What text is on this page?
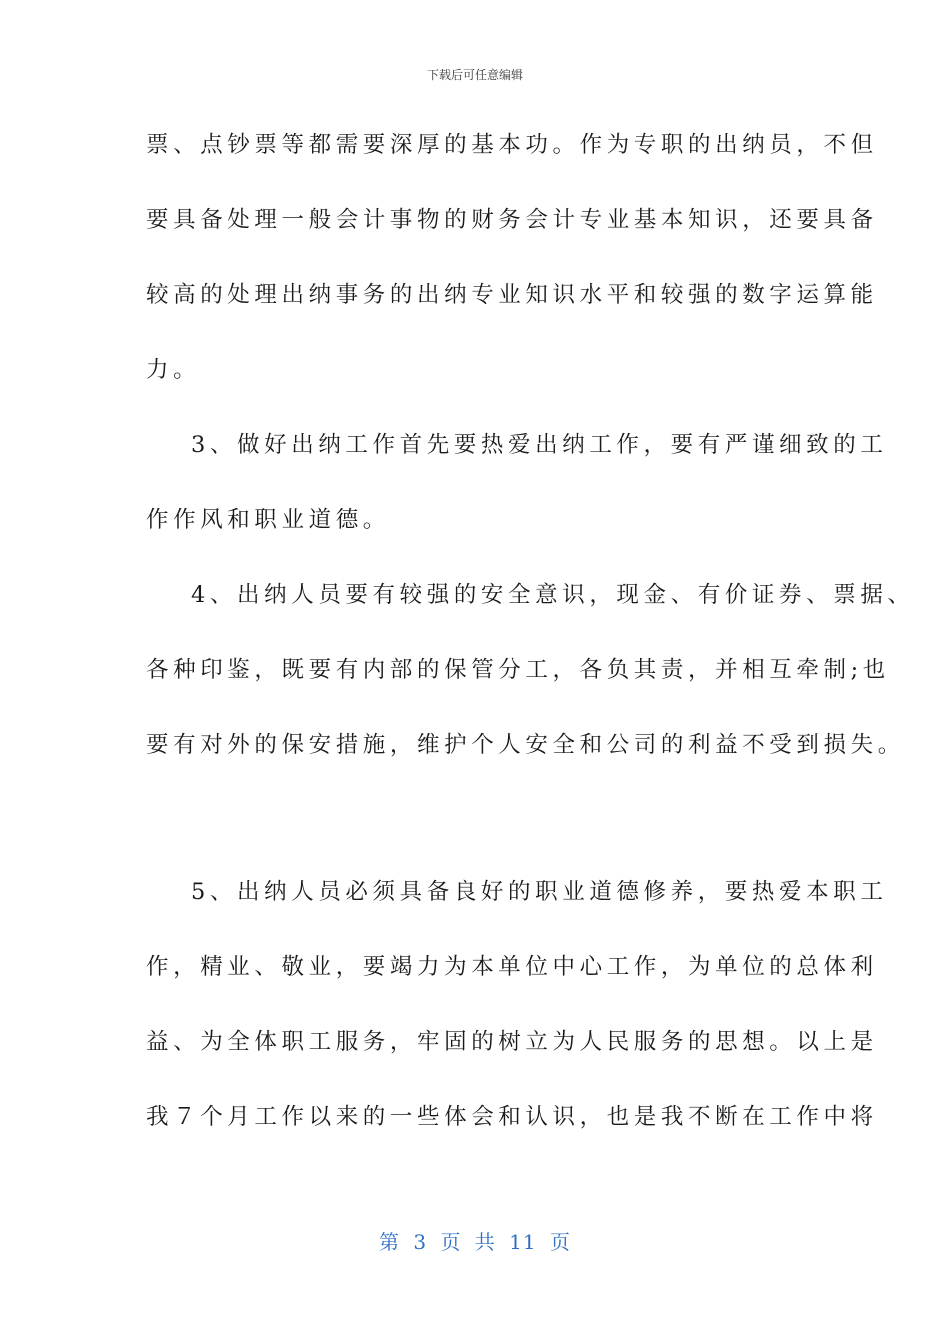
下载后可任意编辑
票、点钞票等都需要深厚的基本功。作为专职的出纳员，不但
要具备处理一般会计事物的财务会计专业基本知识，还要具备
较高的处理出纳事务的出纳专业知识水平和较强的数字运算能
力。
3、做好出纳工作首先要热爱出纳工作，要有严谨细致的工
作作风和职业道德。
4、出纳人员要有较强的安全意识，现金、有价证券、票据、
各种印鉴，既要有内部的保管分工，各负其责，并相互牵制;也
要有对外的保安措施，维护个人安全和公司的利益不受到损失。
5、出纳人员必须具备良好的职业道德修养，要热爱本职工
作，精业、敬业，要竭力为本单位中心工作，为单位的总体利
益、为全体职工服务，牢固的树立为人民服务的思想。以上是
我７个月工作以来的一些体会和认识，也是我不断在工作中将
第 3 页 共 11 页
